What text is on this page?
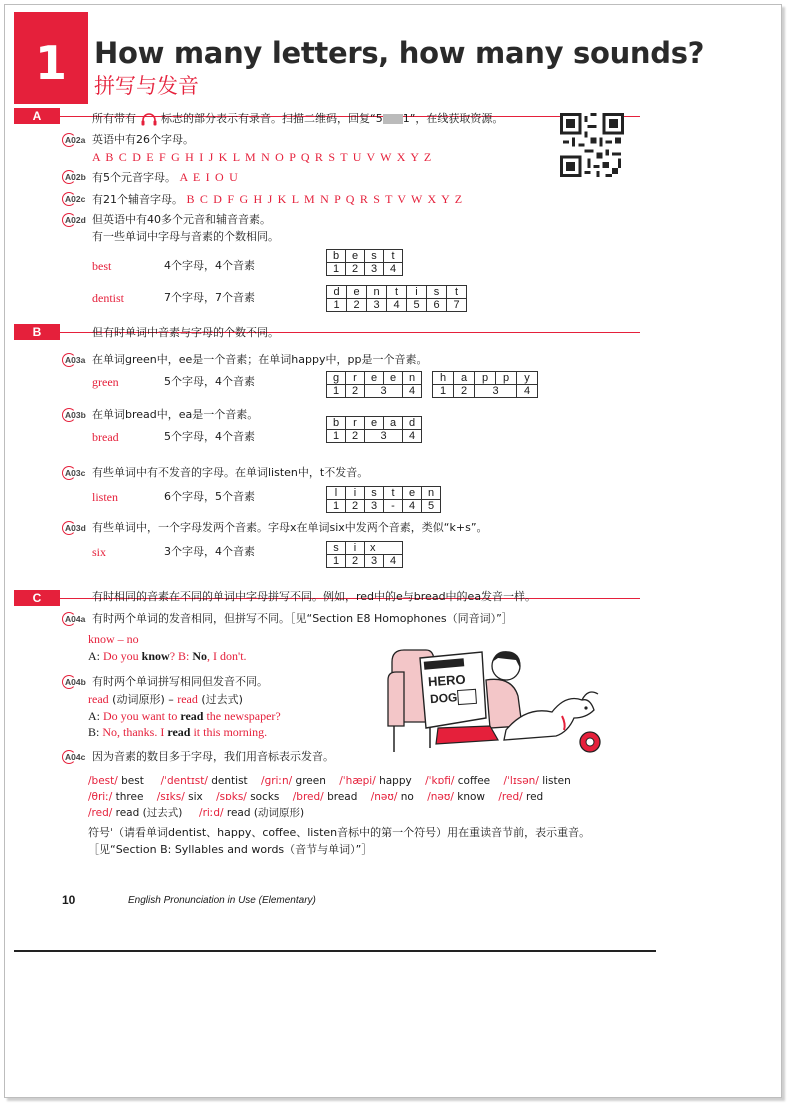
1 How many letters, how many sounds?
拼写与发音
A	所有带有 标志的部分表示有录音。扫描二维码，回复“5 1”，在线获取资源。
A02a 英语中有26个字母。
A B C D E F G H I J K L M N O P Q R S T U V W X Y Z
A02b 有5个元音字母。 A E I O U
A02c 有21个辅音字母。 B C D F G H J K L M N P Q R S T V W X Y Z
A02d 但英语中有40多个元音和辅音音素。
有一些单词中字母与音素的个数相同。
best	4个字母，4个音素
b	e	s	t
1	2	3	4
dentist	7个字母，7个音素	d	e	n	t	i	s	t
1	2	3	4	5	6	7
B	但有时单词中音素与字母的个数不同。
A03a 在单词green中，ee是一个音素；在单词happy中，pp是一个音素。
green	5个字母，4个音素	g	r	e	e	n
1	2	3		4
h	a	p	p	y
1	2	3		4
A03b 在单词bread中，ea是一个音素。
bread	5个字母，4个音素
b	r	e	a	d
1	2	3		4
A03c 有些单词中有不发音的字母。在单词listen中，t不发音。
listen	6个字母，5个音素	l	i	s	t	e	n
1	2	3	-	4	5
A03d 有些单词中，一个字母发两个音素。字母x在单词six中发两个音素，类似“k+s”。
six	3个字母，4个音素	s	i	x	
1	2	3	4
C	有时相同的音素在不同的单词中字母拼写不同。例如，red中的e与bread中的ea发音一样。
A04a 有时两个单词的发音相同，但拼写不同。［见“Section E8 Homophones（同音词）”］
know – no
A: Do you know? B: No, I don't.
A04b 有时两个单词拼写相同但发音不同。
read (动词原形) – read (过去式)
A: Do you want to read the newspaper?
B: No, thanks. I read it this morning.
A04c 因为音素的数目多于字母，我们用音标表示发音。
/best/ best /ˈdentɪst/ dentist /ɡriːn/ green /ˈhæpi/ happy /ˈkɒfi/ coffee /ˈlɪsən/ listen
/θriː/ three /sɪks/ six /sɒks/ socks /bred/ bread /nəʊ/ no /nəʊ/ know /red/ red
/red/ read (过去式) /riːd/ read (动词原形)
符号ˈ（请看单词dentist、happy、coffee、listen音标中的第一个符号）用在重读音节前，表示重音。
［见“Section B: Syllables and words（音节与单词）”］
HERO
DOG
10	English Pronunciation in Use (Elementary)
